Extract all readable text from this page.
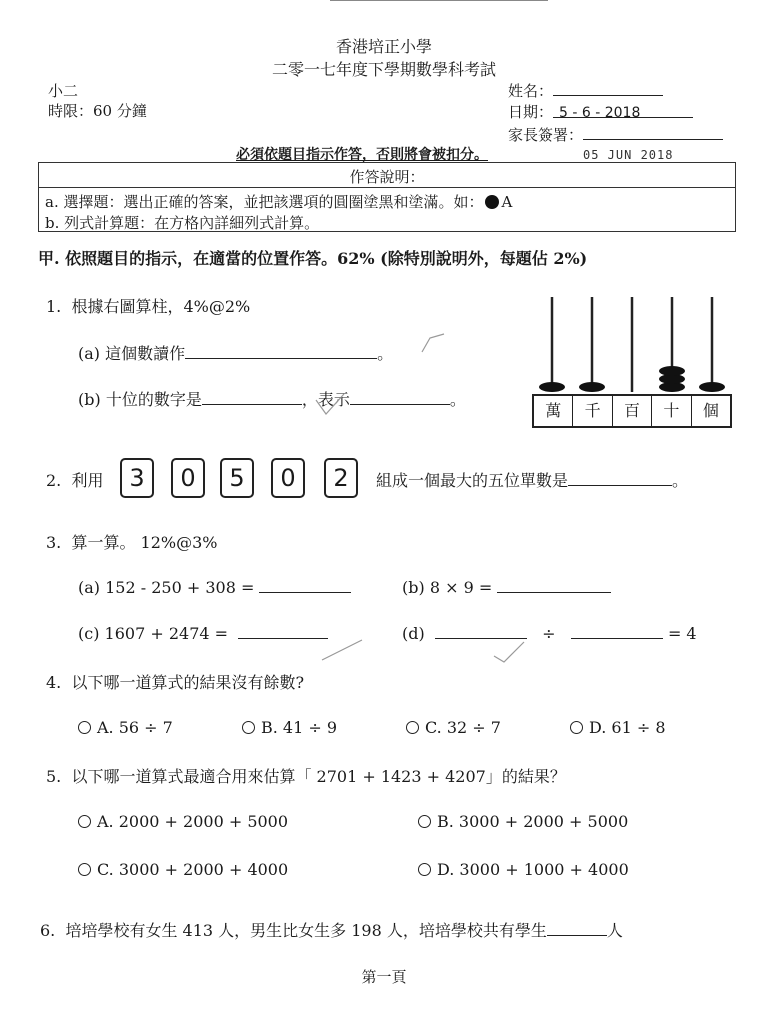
香港培正小學
二零一七年度下學期數學科考試
小二
時限：60 分鐘
姓名：
日期： 5 - 6 - 2018
家長簽署：
必須依題目指示作答，否則將會被扣分。	05 JUN 2018
作答說明：
a. 選擇題：選出正確的答案，並把該選項的圓圈塗黑和塗滿。如： A
b. 列式計算題：在方格內詳細列式計算。
甲. 依照題目的指示，在適當的位置作答。62% (除特別說明外，每題佔 2%)
1. 根據右圖算柱，4%@2%
(a) 這個數讀作	。
(b) 十位的數字是	，表示	。
萬	千	百	十	個
2. 利用	3	0	5	0	2	組成一個最大的五位單數是	。
3. 算一算。 12%@3%
(a) 152 - 250 + 308 =	(b) 8 × 9 =
(c) 1607 + 2474 =	(d)	÷	= 4
4. 以下哪一道算式的結果沒有餘數?
A. 56 ÷ 7	B. 41 ÷ 9	C. 32 ÷ 7	D. 61 ÷ 8
5. 以下哪一道算式最適合用來估算「 2701 + 1423 + 4207」的結果？
A. 2000 + 2000 + 5000	B. 3000 + 2000 + 5000
C. 3000 + 2000 + 4000	D. 3000 + 1000 + 4000
6. 培培學校有女生 413 人，男生比女生多 198 人，培培學校共有學生	人
第一頁
